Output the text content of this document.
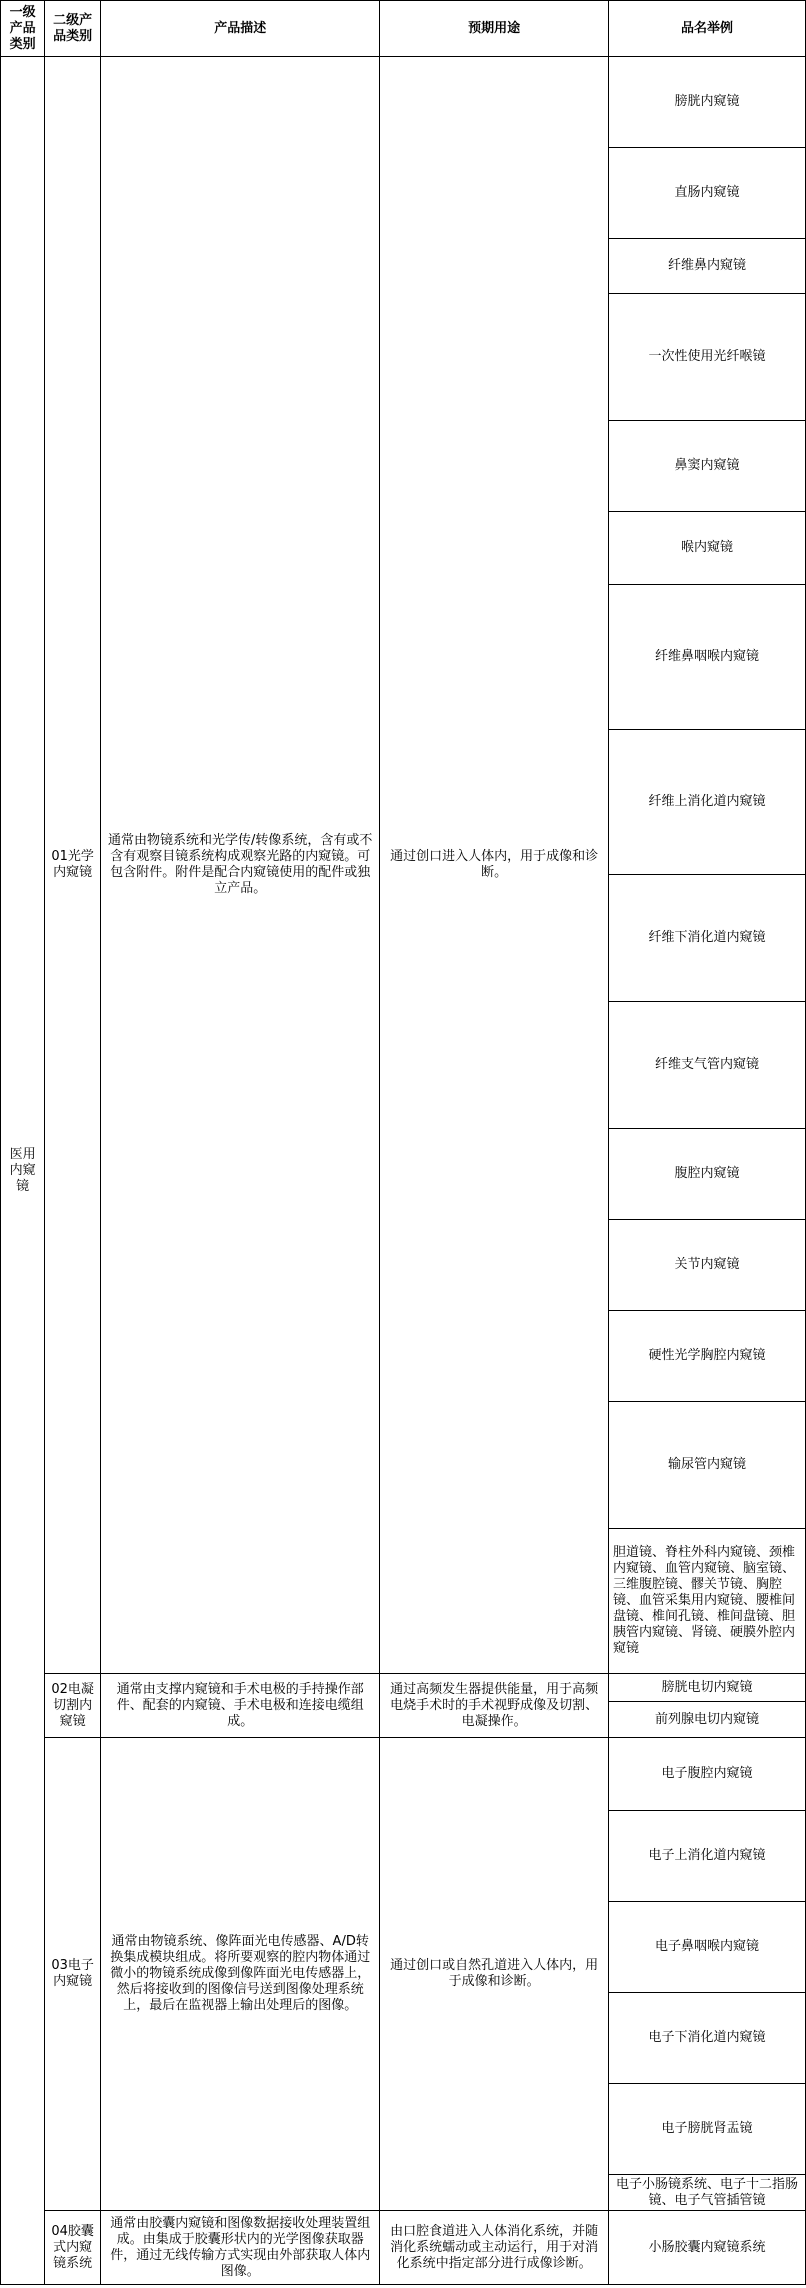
一级产品类别	二级产品类别	产品描述	预期用途	品名举例
医用内窥镜	01光学内窥镜	通常由物镜系统和光学传/转像系统，含有或不含有观察目镜系统构成观察光路的内窥镜。可包含附件。附件是配合内窥镜使用的配件或独立产品。	通过创口进入人体内，用于成像和诊断。	膀胱内窥镜
				直肠内窥镜
				纤维鼻内窥镜
				一次性使用光纤喉镜
				鼻窦内窥镜
				喉内窥镜
				纤维鼻咽喉内窥镜
				纤维上消化道内窥镜
				纤维下消化道内窥镜
				纤维支气管内窥镜
				腹腔内窥镜
				关节内窥镜
				硬性光学胸腔内窥镜
				输尿管内窥镜
				胆道镜、脊柱外科内窥镜、颈椎内窥镜、血管内窥镜、脑室镜、三维腹腔镜、髎关节镜、胸腔镜、血管采集用内窥镜、腰椎间盘镜、椎间孔镜、椎间盘镜、胆胰管内窥镜、肾镜、硬膜外腔内窥镜
	02电凝切割内窥镜	通常由支撑内窥镜和手术电极的手持操作部件、配套的内窥镜、手术电极和连接电缆组成。	通过高频发生器提供能量，用于高频电烧手术时的手术视野成像及切割、电凝操作。	膀胱电切内窥镜
				前列腺电切内窥镜
	03电子内窥镜	通常由物镜系统、像阵面光电传感器、A/D转换集成模块组成。将所要观察的腔内物体通过微小的物镜系统成像到像阵面光电传感器上，然后将接收到的图像信号送到图像处理系统上，最后在监视器上输出处理后的图像。	通过创口或自然孔道进入人体内，用于成像和诊断。	电子腹腔内窥镜
				电子上消化道内窥镜
				电子鼻咽喉内窥镜
				电子下消化道内窥镜
				电子膀胱肾盂镜
				电子小肠镜系统、电子十二指肠镜、电子气管插管镜
	04胶囊式内窥镜系统	通常由胶囊内窥镜和图像数据接收处理装置组成。由集成于胶囊形状内的光学图像获取器件，通过无线传输方式实现由外部获取人体内图像。	由口腔食道进入人体消化系统，并随消化系统蠕动或主动运行，用于对消化系统中指定部分进行成像诊断。	小肠胶囊内窥镜系统
